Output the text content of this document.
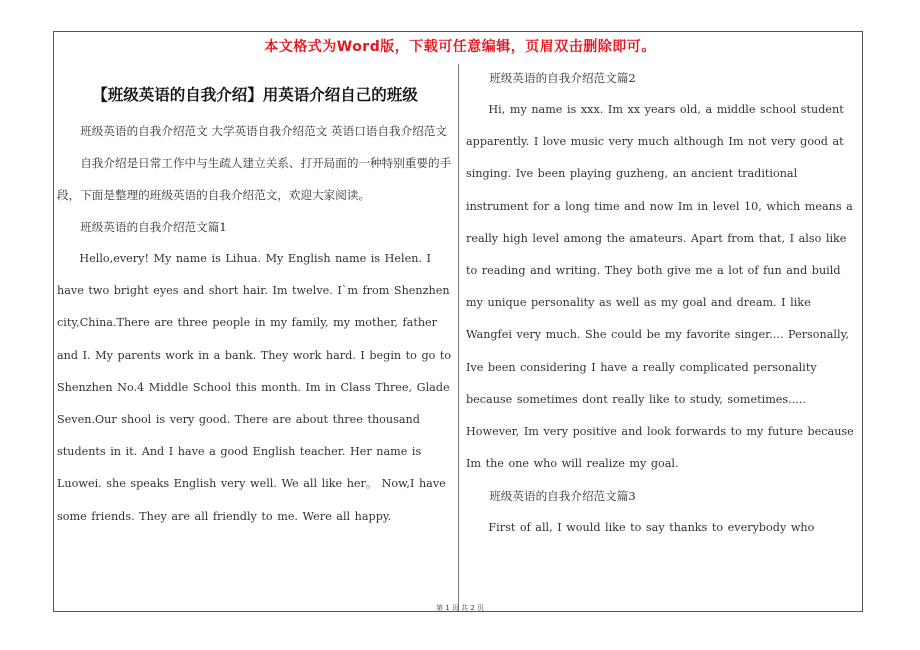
本文格式为Word版，下载可任意编辑，页眉双击删除即可。
【班级英语的自我介绍】用英语介绍自己的班级

班级英语的自我介绍范文 大学英语自我介绍范文 英语口语自我介绍范文

自我介绍是日常工作中与生疏人建立关系、打开局面的一种特别重要的手段，下面是整理的班级英语的自我介绍范文，欢迎大家阅读。

班级英语的自我介绍范文篇1

Hello,every! My name is Lihua. My English name is Helen. I have two bright eyes and short hair. Im twelve. I`m from Shenzhen city,China.There are three people in my family, my mother, father and I. My parents work in a bank. They work hard. I begin to go to Shenzhen No.4 Middle School this month. Im in Class Three, Glade Seven.Our shool is very good. There are about three thousand students in it. And I have a good English teacher. Her name is Luowei. she speaks English very well. We all like her。 Now,I have some friends. They are all friendly to me. Were all happy.

班级英语的自我介绍范文篇2

Hi, my name is xxx. Im xx years old, a middle school student apparently. I love music very much although Im not very good at singing. Ive been playing guzheng, an ancient traditional instrument for a long time and now Im in level 10, which means a really high level among the amateurs. Apart from that, I also like to reading and writing. They both give me a lot of fun and build my unique personality as well as my goal and dream. I like Wangfei very much. She could be my favorite singer.... Personally, Ive been considering I have a really complicated personality because sometimes dont really like to study, sometimes..... However, Im very positive and look forwards to my future because Im the one who will realize my goal.

班级英语的自我介绍范文篇3

First of all, I would like to say thanks to everybody who

第 1 页 共 2 页
